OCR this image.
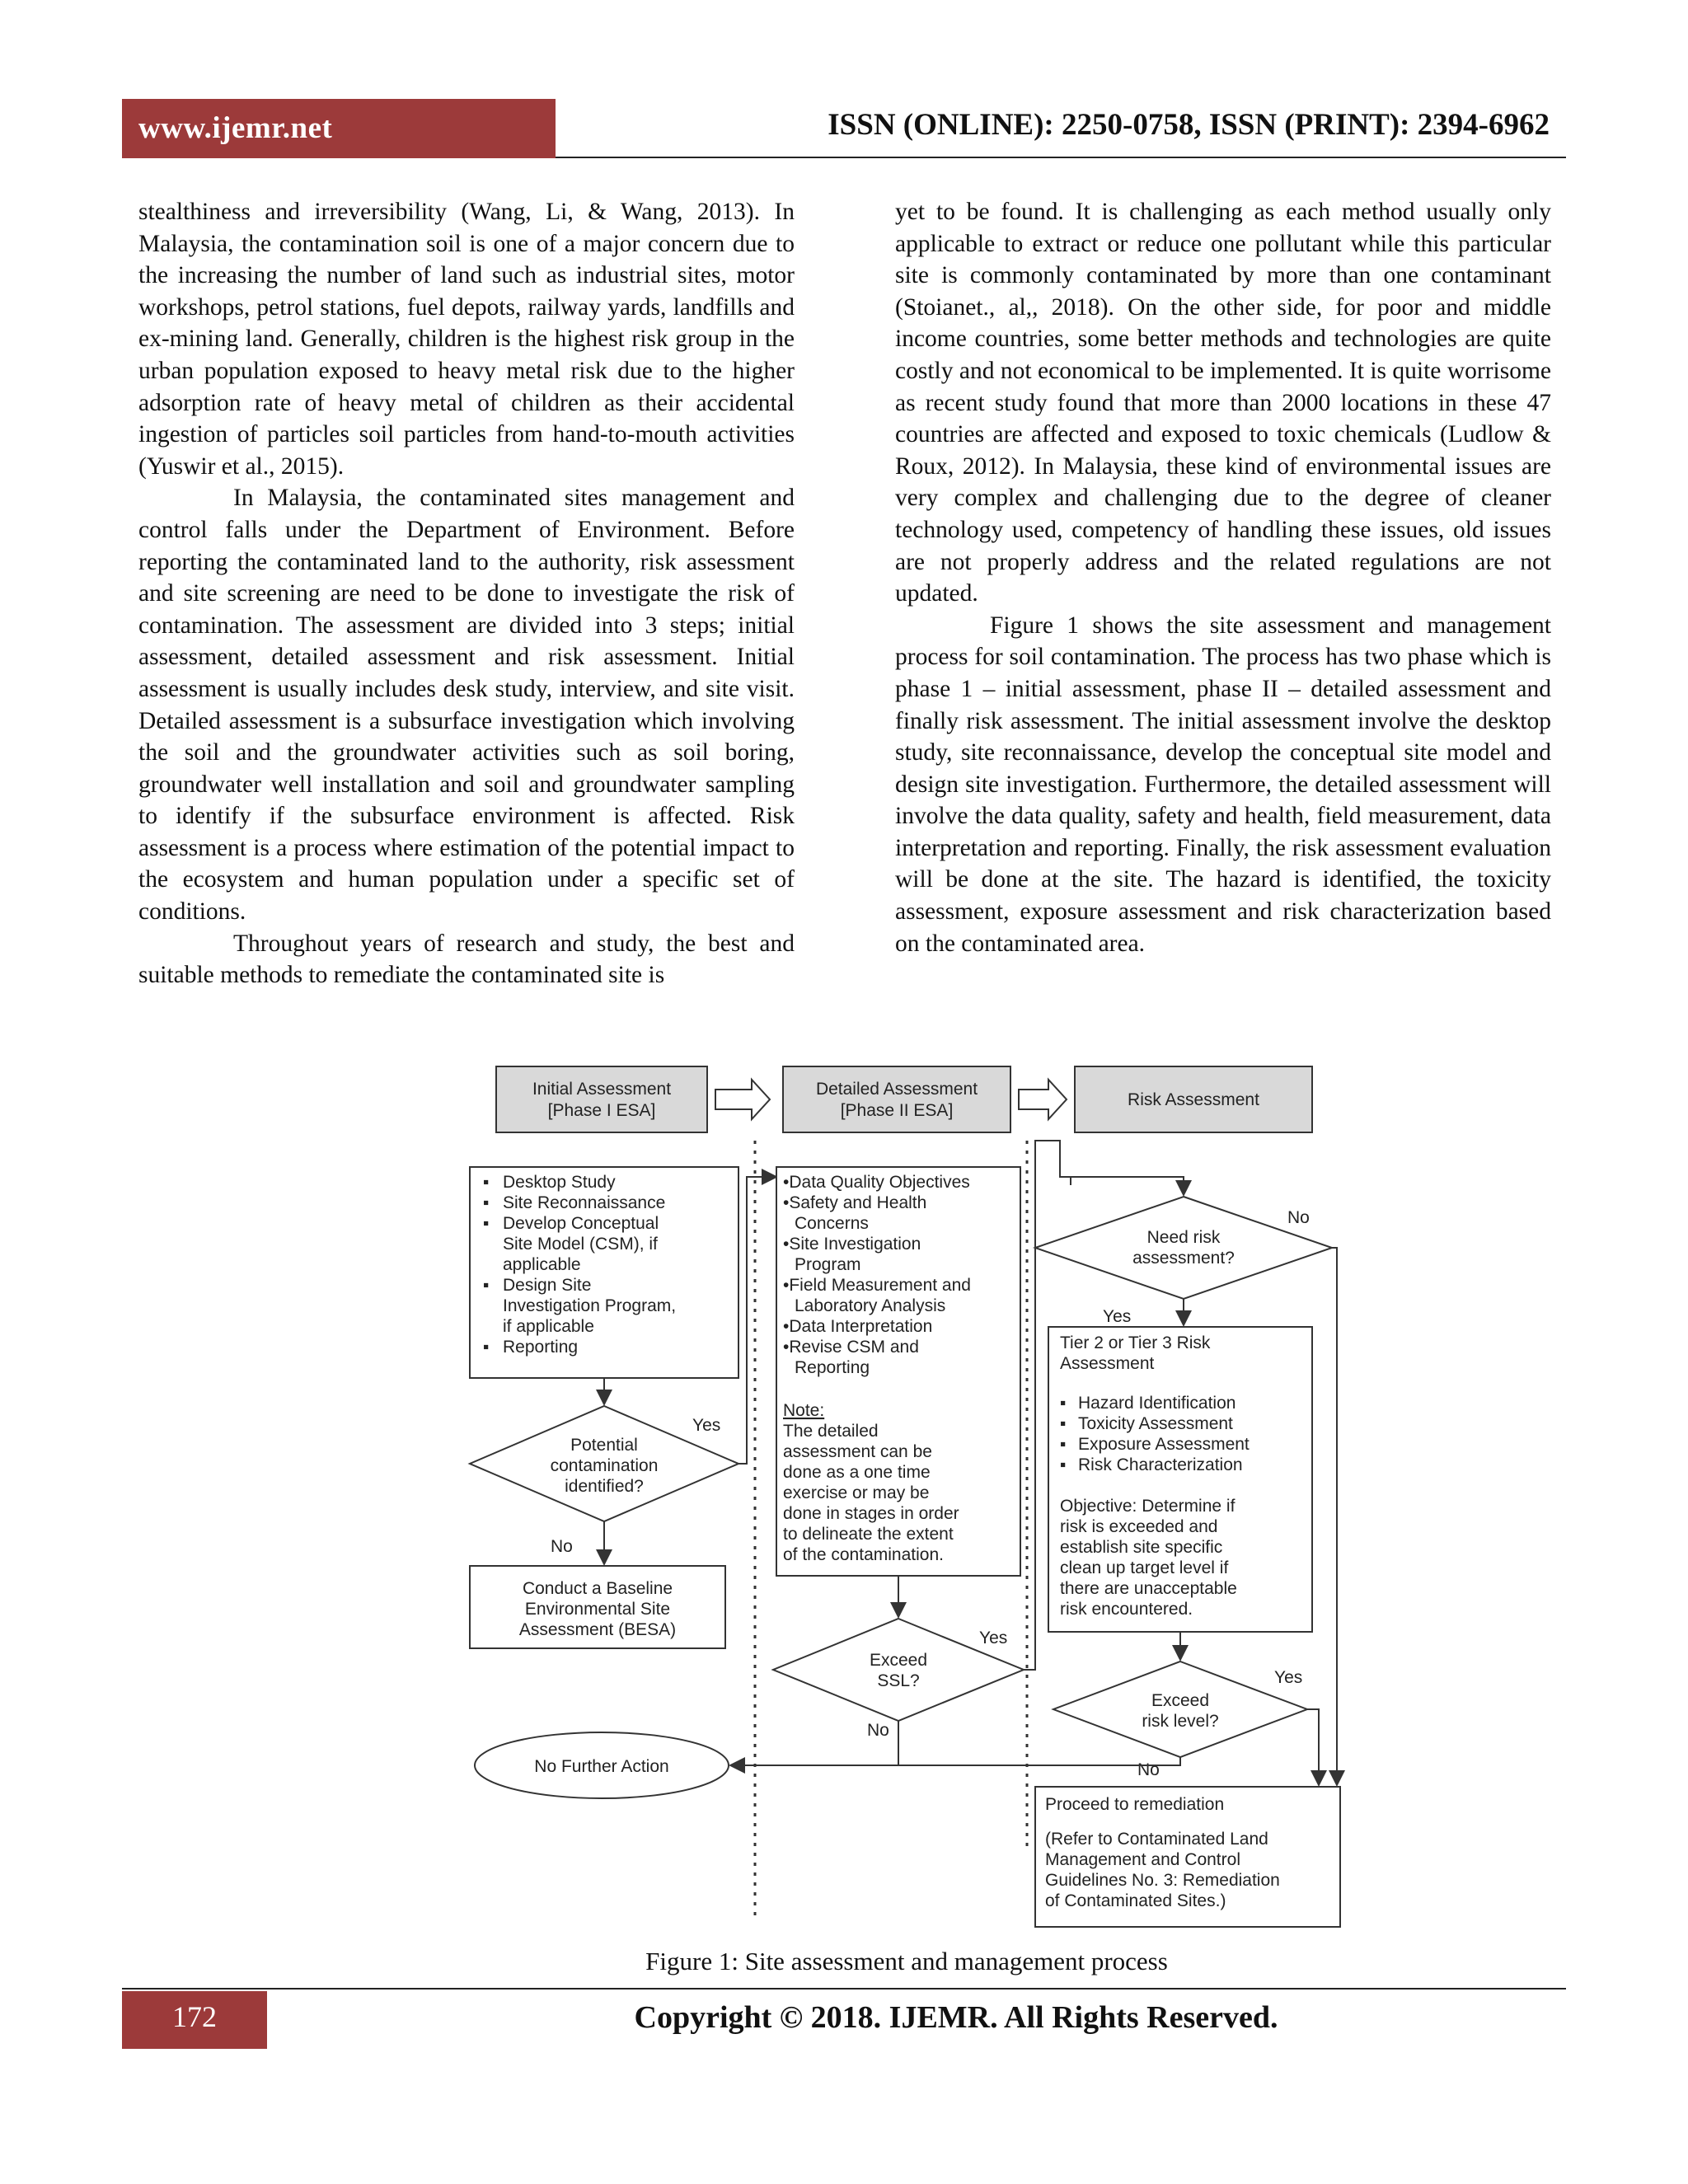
www.ijemr.net	ISSN (ONLINE): 2250-0758, ISSN (PRINT): 2394-6962

stealthiness and irreversibility (Wang, Li, & Wang, 2013). In Malaysia, the contamination soil is one of a major concern due to the increasing the number of land such as industrial sites, motor workshops, petrol stations, fuel depots, railway yards, landfills and ex-mining land. Generally, children is the highest risk group in the urban population exposed to heavy metal risk due to the higher adsorption rate of heavy metal of children as their accidental ingestion of particles soil particles from hand-to-mouth activities (Yuswir et al., 2015).

In Malaysia, the contaminated sites management and control falls under the Department of Environment. Before reporting the contaminated land to the authority, risk assessment and site screening are need to be done to investigate the risk of contamination. The assessment are divided into 3 steps; initial assessment, detailed assessment and risk assessment. Initial assessment is usually includes desk study, interview, and site visit. Detailed assessment is a subsurface investigation which involving the soil and the groundwater activities such as soil boring, groundwater well installation and soil and groundwater sampling to identify if the subsurface environment is affected. Risk assessment is a process where estimation of the potential impact to the ecosystem and human population under a specific set of conditions.

Throughout years of research and study, the best and suitable methods to remediate the contaminated site is

yet to be found. It is challenging as each method usually only applicable to extract or reduce one pollutant while this particular site is commonly contaminated by more than one contaminant (Stoianet., al,, 2018). On the other side, for poor and middle income countries, some better methods and technologies are quite costly and not economical to be implemented. It is quite worrisome as recent study found that more than 2000 locations in these 47 countries are affected and exposed to toxic chemicals (Ludlow & Roux, 2012). In Malaysia, these kind of environmental issues are very complex and challenging due to the degree of cleaner technology used, competency of handling these issues, old issues are not properly address and the related regulations are not updated.

Figure 1 shows the site assessment and management process for soil contamination. The process has two phase which is phase 1 – initial assessment, phase II – detailed assessment and finally risk assessment. The initial assessment involve the desktop study, site reconnaissance, develop the conceptual site model and design site investigation. Furthermore, the detailed assessment will involve the data quality, safety and health, field measurement, data interpretation and reporting. Finally, the risk assessment evaluation will be done at the site. The hazard is identified, the toxicity assessment, exposure assessment and risk characterization based on the contaminated area.

Initial Assessment
[Phase I ESA]
Detailed Assessment
[Phase II ESA]
Risk Assessment
▪ Desktop Study
▪ Site Reconnaissance
▪ Develop Conceptual
Site Model (CSM), if
applicable
▪ Design Site
Investigation Program,
if applicable
▪ Reporting
Potential
contamination
identified?
Yes
No
Conduct a Baseline
Environmental Site
Assessment (BESA)
•Data Quality Objectives
•Safety and Health
Concerns
•Site Investigation
Program
•Field Measurement and
Laboratory Analysis
•Data Interpretation
•Revise CSM and
Reporting
Note:
The detailed
assessment can be
done as a one time
exercise or may be
done in stages in order
to delineate the extent
of the contamination.
Exceed
SSL?
Yes
No
Need risk
assessment?
No
Yes
Tier 2 or Tier 3 Risk
Assessment
▪ Hazard Identification
▪ Toxicity Assessment
▪ Exposure Assessment
▪ Risk Characterization
Objective: Determine if
risk is exceeded and
establish site specific
clean up target level if
there are unacceptable
risk encountered.
Exceed
risk level?
Yes
No
No Further Action
Proceed to remediation
(Refer to Contaminated Land
Management and Control
Guidelines No. 3: Remediation
of Contaminated Sites.)
Figure 1: Site assessment and management process
172	Copyright © 2018. IJEMR. All Rights Reserved.
